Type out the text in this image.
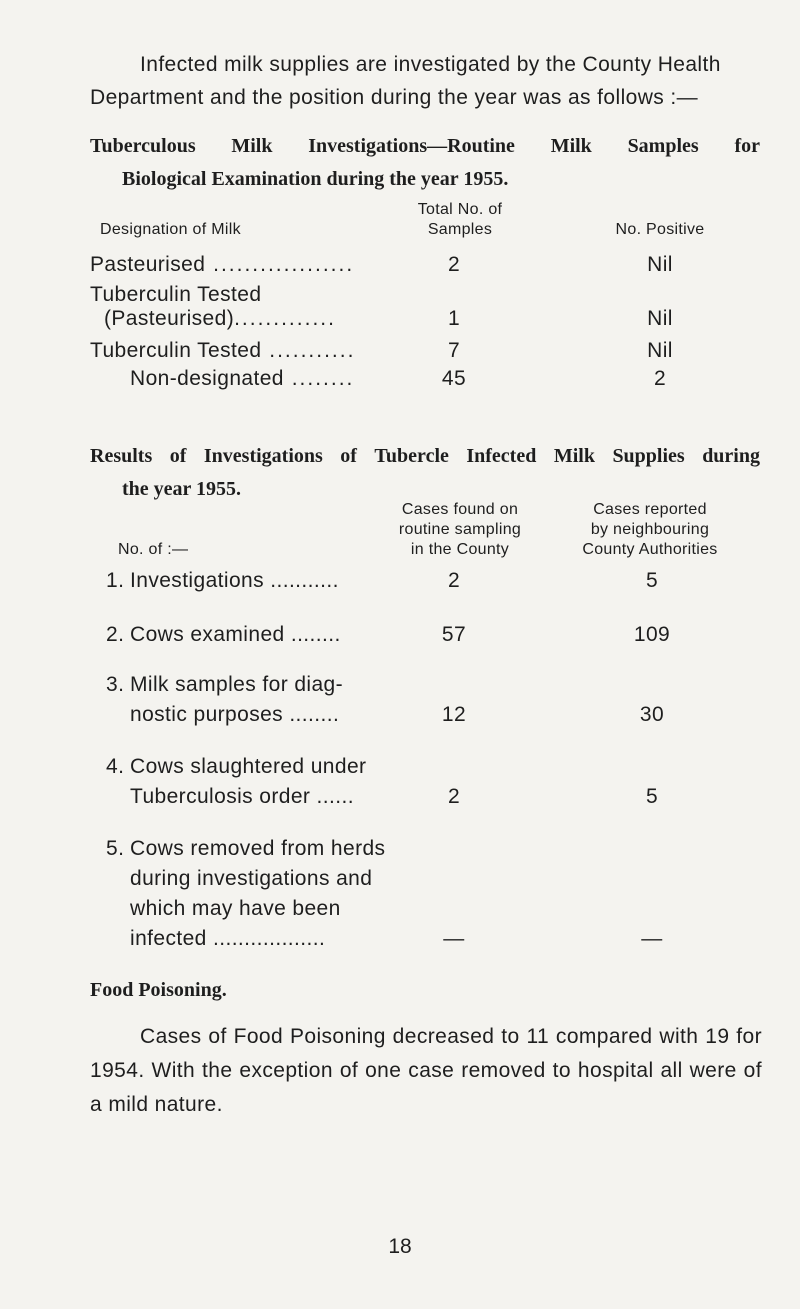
Infected milk supplies are investigated by the County Health Department and the position during the year was as follows :—
Tuberculous Milk Investigations—Routine Milk Samples for
Biological Examination during the year 1955.
Designation of Milk
Total No. of
Samples	No. Positive
Pasteurised ..................	2	Nil
Tuberculin Tested
(Pasteurised).............	1	Nil
Tuberculin Tested ...........	7	Nil
Non-designated ........	45	2
Results of Investigations of Tubercle Infected Milk Supplies during
the year 1955.
No. of :—
Cases found on
routine sampling
in the County
Cases reported
by neighbouring
County Authorities
1. Investigations ...........	2	5
2. Cows examined ........	57	109
3. Milk samples for diag-
nostic purposes ........	12	30
4. Cows slaughtered under
Tuberculosis order ......	2	5
5. Cows removed from herds
during investigations and
which may have been
infected ..................	—	—
Food Poisoning.
Cases of Food Poisoning decreased to 11 compared with 19 for 1954. With the exception of one case removed to hospital all were of a mild nature.
18
